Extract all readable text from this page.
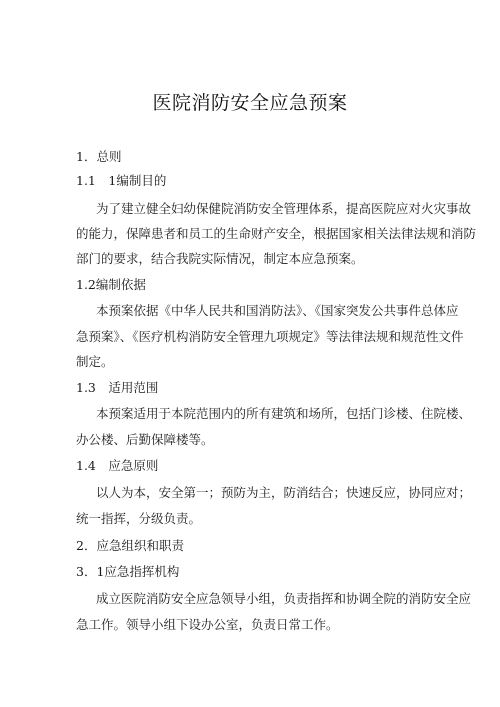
医院消防安全应急预案
1．总则
1.1　1编制目的
为了建立健全妇幼保健院消防安全管理体系，提高医院应对火灾事故
的能力，保障患者和员工的生命财产安全，根据国家相关法律法规和消防
部门的要求，结合我院实际情况，制定本应急预案。
1.2编制依据
本预案依据《中华人民共和国消防法》、《国家突发公共事件总体应
急预案》、《医疗机构消防安全管理九项规定》等法律法规和规范性文件
制定。
1.3　适用范围
本预案适用于本院范围内的所有建筑和场所，包括门诊楼、住院楼、
办公楼、后勤保障楼等。
1.4　应急原则
以人为本，安全第一；预防为主，防消结合；快速反应，协同应对；
统一指挥，分级负责。
2．应急组织和职责
3．1应急指挥机构
成立医院消防安全应急领导小组，负责指挥和协调全院的消防安全应
急工作。领导小组下设办公室，负责日常工作。
